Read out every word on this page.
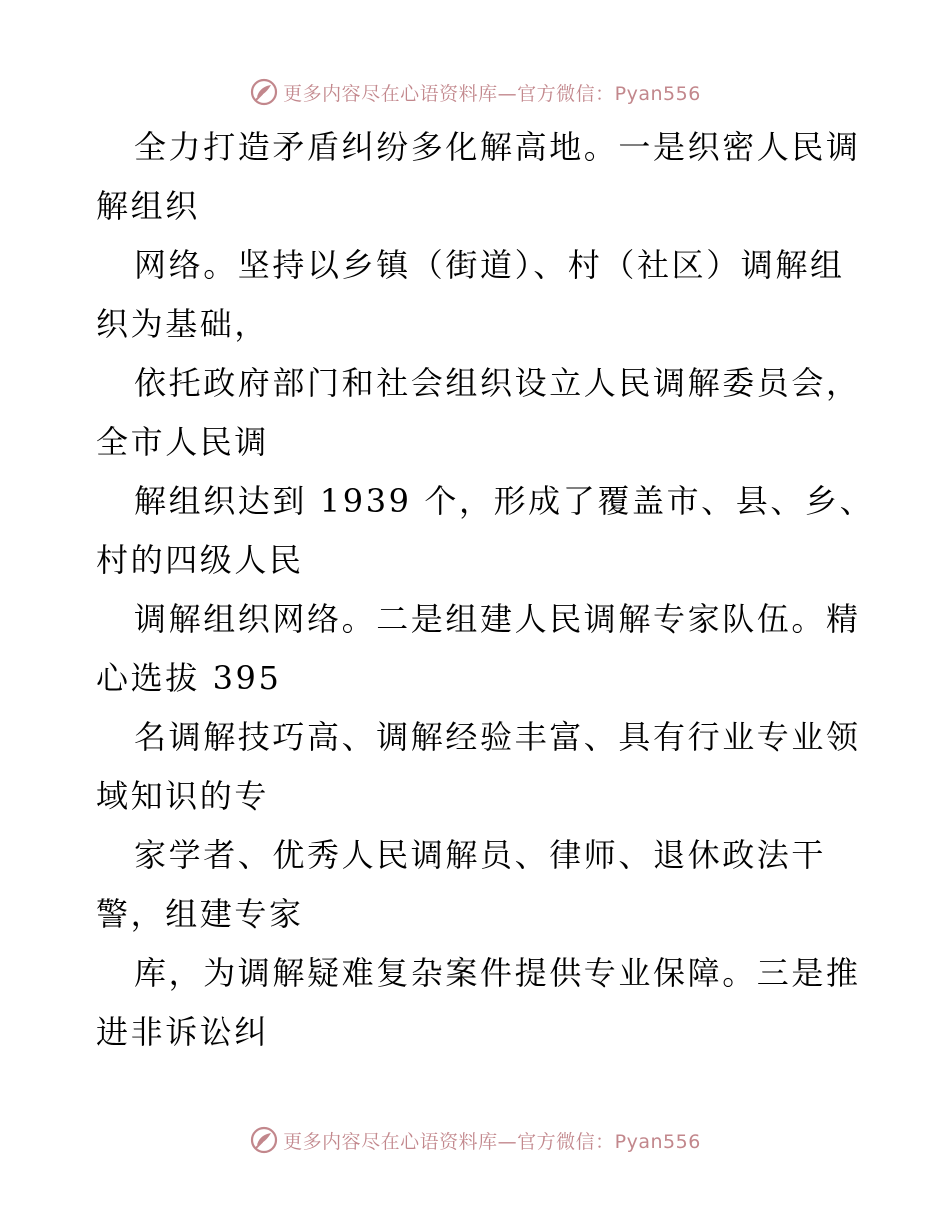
更多内容尽在心语资料库—官方微信：Pyan556
全力打造矛盾纠纷多化解高地。一是织密人民调
解组织
网络。坚持以乡镇（街道）、村（社区）调解组
织为基础，
依托政府部门和社会组织设立人民调解委员会，
全市人民调
解组织达到 1939 个，形成了覆盖市、县、乡、
村的四级人民
调解组织网络。二是组建人民调解专家队伍。精
心选拔 395
名调解技巧高、调解经验丰富、具有行业专业领
域知识的专
家学者、优秀人民调解员、律师、退休政法干
警，组建专家
库，为调解疑难复杂案件提供专业保障。三是推
进非诉讼纠
更多内容尽在心语资料库—官方微信：Pyan556
